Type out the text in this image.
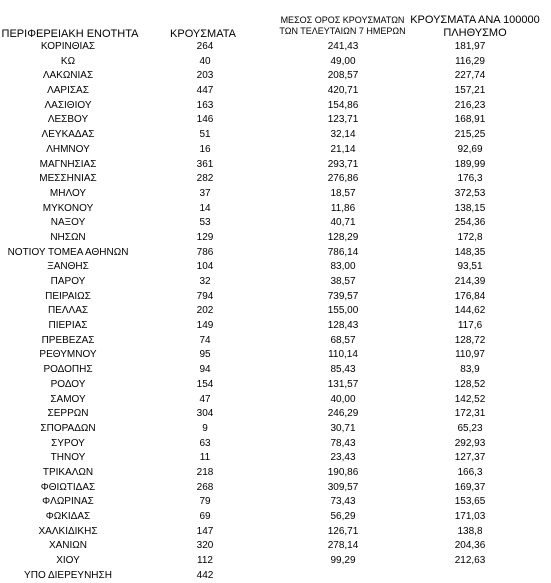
ΠΕΡΙΦΕΡΕΙΑΚΗ ΕΝΟΤΗΤΑ	ΚΡΟΥΣΜΑΤΑ
ΜΕΣΟΣ ΟΡΟΣ ΚΡΟΥΣΜΑΤΩΝ
ΤΩΝ ΤΕΛΕΥΤΑΙΩΝ 7 ΗΜΕΡΩΝ
ΚΡΟΥΣΜΑΤΑ ΑΝΑ 100000
ΠΛΗΘΥΣΜΟ
ΚΟΡΙΝΘΙΑΣ	264	241,43	181,97
ΚΩ	40	49,00	116,29
ΛΑΚΩΝΙΑΣ	203	208,57	227,74
ΛΑΡΙΣΑΣ	447	420,71	157,21
ΛΑΣΙΘΙΟΥ	163	154,86	216,23
ΛΕΣΒΟΥ	146	123,71	168,91
ΛΕΥΚΑΔΑΣ	51	32,14	215,25
ΛΗΜΝΟΥ	16	21,14	92,69
ΜΑΓΝΗΣΙΑΣ	361	293,71	189,99
ΜΕΣΣΗΝΙΑΣ	282	276,86	176,3
ΜΗΛΟΥ	37	18,57	372,53
ΜΥΚΟΝΟΥ	14	11,86	138,15
ΝΑΞΟΥ	53	40,71	254,36
ΝΗΣΩΝ	129	128,29	172,8
ΝΟΤΙΟΥ ΤΟΜΕΑ ΑΘΗΝΩΝ	786	786,14	148,35
ΞΑΝΘΗΣ	104	83,00	93,51
ΠΑΡΟΥ	32	38,57	214,39
ΠΕΙΡΑΙΩΣ	794	739,57	176,84
ΠΕΛΛΑΣ	202	155,00	144,62
ΠΙΕΡΙΑΣ	149	128,43	117,6
ΠΡΕΒΕΖΑΣ	74	68,57	128,72
ΡΕΘΥΜΝΟΥ	95	110,14	110,97
ΡΟΔΟΠΗΣ	94	85,43	83,9
ΡΟΔΟΥ	154	131,57	128,52
ΣΑΜΟΥ	47	40,00	142,52
ΣΕΡΡΩΝ	304	246,29	172,31
ΣΠΟΡΑΔΩΝ	9	30,71	65,23
ΣΥΡΟΥ	63	78,43	292,93
ΤΗΝΟΥ	11	23,43	127,37
ΤΡΙΚΑΛΩΝ	218	190,86	166,3
ΦΘΙΩΤΙΔΑΣ	268	309,57	169,37
ΦΛΩΡΙΝΑΣ	79	73,43	153,65
ΦΩΚΙΔΑΣ	69	56,29	171,03
ΧΑΛΚΙΔΙΚΗΣ	147	126,71	138,8
ΧΑΝΙΩΝ	320	278,14	204,36
ΧΙΟΥ	112	99,29	212,63
ΥΠΟ ΔΙΕΡΕΥΝΗΣΗ	442
